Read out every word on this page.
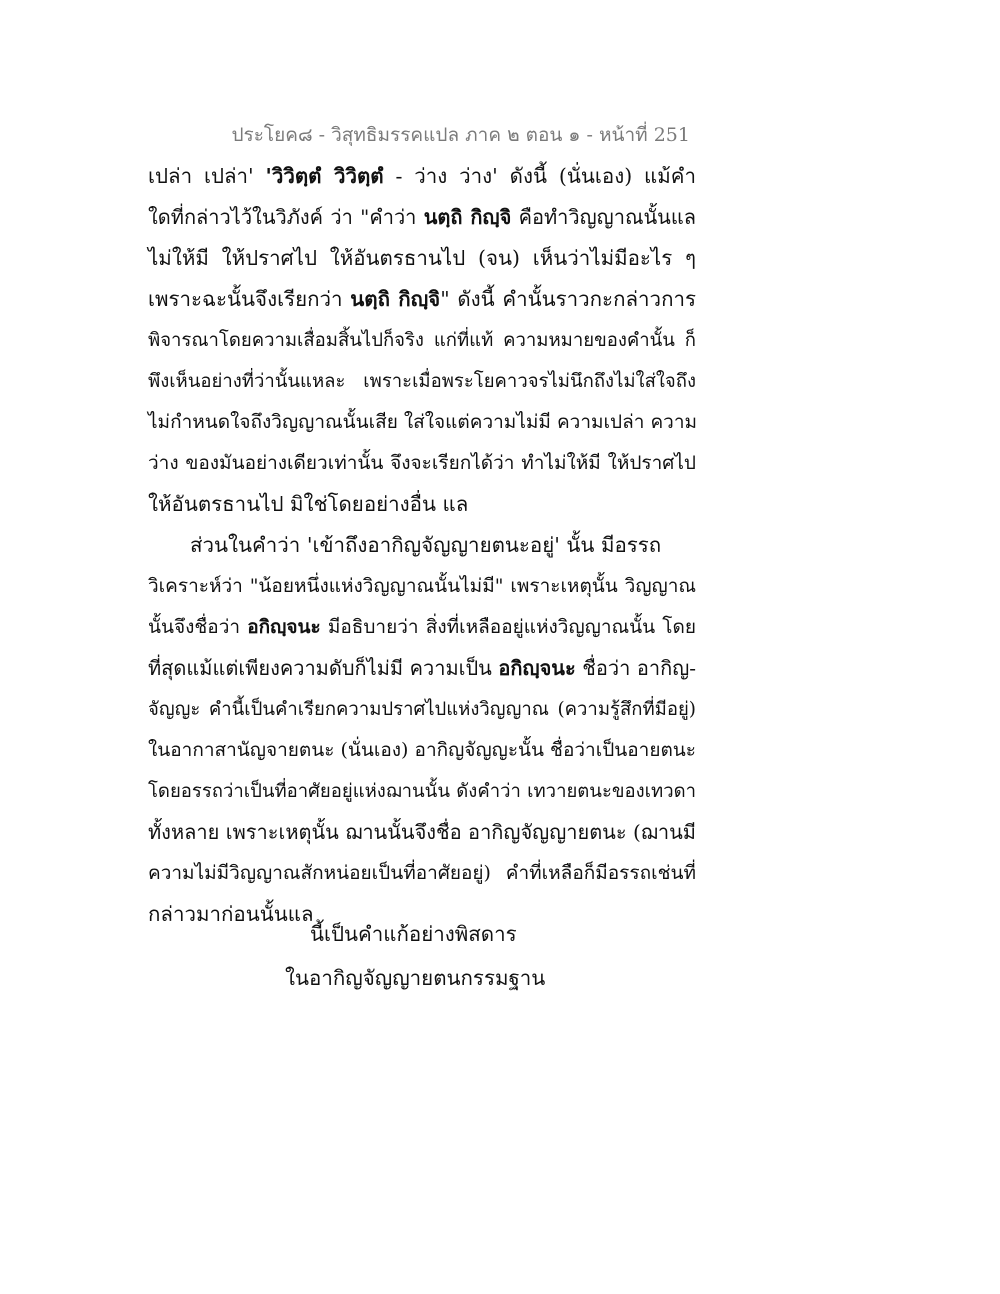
ประโยค๘ - วิสุทธิมรรคแปล ภาค ๒ ตอน ๑ - หน้าที่ 251
เปล่า เปล่า' 'วิวิตฺตํ วิวิตฺตํ - ว่าง ว่าง' ดังนี้ (นั่นเอง) แม้คำ
ใดที่กล่าวไว้ในวิภังค์ ว่า "คำว่า นตฺถิ กิญฺจิ คือทำวิญญาณนั้นแล
ไม่ให้มี ให้ปราศไป ให้อันตรธานไป (จน) เห็นว่าไม่มีอะไร ๆ
เพราะฉะนั้นจึงเรียกว่า นตฺถิ กิญฺจิ" ดังนี้ คำนั้นราวกะกล่าวการ
พิจารณาโดยความเสื่อมสิ้นไปก็จริง แก่ที่แท้ ความหมายของคำนั้น ก็
พึงเห็นอย่างที่ว่านั้นแหละ เพราะเมื่อพระโยคาวจรไม่นึกถึงไม่ใส่ใจถึง
ไม่กำหนดใจถึงวิญญาณนั้นเสีย ใส่ใจแต่ความไม่มี ความเปล่า ความ
ว่าง ของมันอย่างเดียวเท่านั้น จึงจะเรียกได้ว่า ทำไม่ให้มี ให้ปราศไป
ให้อันตรธานไป มิใช่โดยอย่างอื่น แล
ส่วนในคำว่า 'เข้าถึงอากิญจัญญายตนะอยู่' นั้น มีอรรถ
วิเคราะห์ว่า "น้อยหนึ่งแห่งวิญญาณนั้นไม่มี" เพราะเหตุนั้น วิญญาณ
นั้นจึงชื่อว่า อกิญฺจนะ มีอธิบายว่า สิ่งที่เหลืออยู่แห่งวิญญาณนั้น โดย
ที่สุดแม้แต่เพียงความดับก็ไม่มี ความเป็น อกิญฺจนะ ชื่อว่า อากิญ-
จัญญะ คำนี้เป็นคำเรียกความปราศไปแห่งวิญญาณ (ความรู้สึกที่มีอยู่)
ในอากาสานัญจายตนะ (นั่นเอง) อากิญจัญญะนั้น ชื่อว่าเป็นอายตนะ
โดยอรรถว่าเป็นที่อาศัยอยู่แห่งฌานนั้น ดังคำว่า เทวายตนะของเทวดา
ทั้งหลาย เพราะเหตุนั้น ฌานนั้นจึงชื่อ อากิญจัญญายตนะ (ฌานมี
ความไม่มีวิญญาณสักหน่อยเป็นที่อาศัยอยู่) คำที่เหลือก็มีอรรถเช่นที่
กล่าวมาก่อนนั้นแล
นี้เป็นคำแก้อย่างพิสดาร
ในอากิญจัญญายตนกรรมฐาน
